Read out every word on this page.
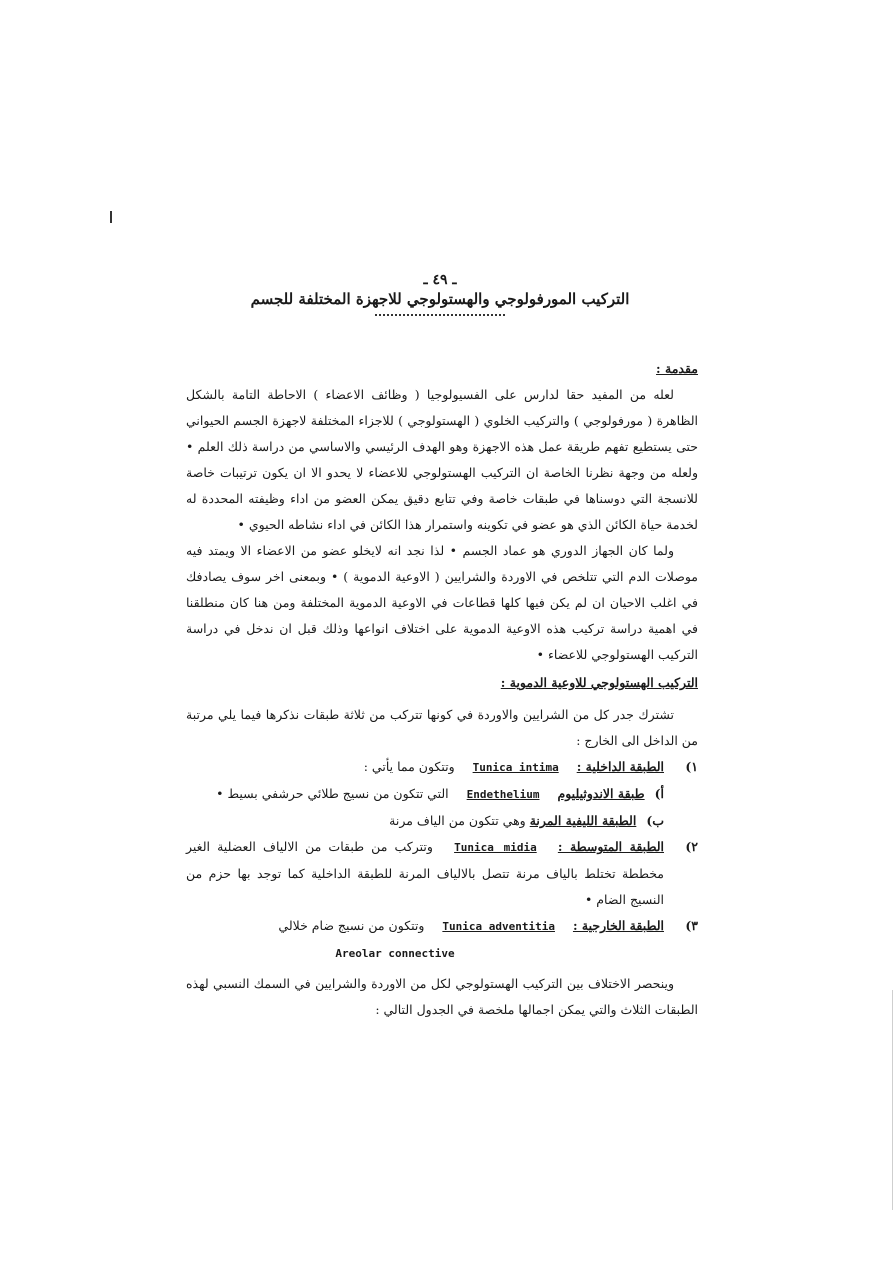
ـ ٤٩ ـ
التركيب المورفولوجي والهستولوجي للاجهزة المختلفة للجسم

مقدمة :

لعله من المفيد حقا لدارس على الفسيولوجيا ( وظائف الاعضاء ) الاحاطة التامة بالشكل الظاهرة ( مورفولوجي ) والتركيب الخلوي ( الهستولوجي ) للاجزاء المختلفة لاجهزة الجسم الحيواني حتى يستطيع تفهم طريقة عمل هذه الاجهزة وهو الهدف الرئيسي والاساسي من دراسة ذلك العلم • ولعله من وجهة نظرنا الخاصة ان التركيب الهستولوجي للاعضاء لا يحدو الا ان يكون ترتيبات خاصة للانسجة التي دوسناها في طبقات خاصة وفي تتابع دقيق يمكن العضو من اداء وظيفته المحددة له لخدمة حياة الكائن الذي هو عضو في تكوينه واستمرار هذا الكائن في اداء نشاطه الحيوي •

ولما كان الجهاز الدوري هو عماد الجسم • لذا نجد انه لايخلو عضو من الاعضاء الا ويمتد فيه موصلات الدم التي تتلخص في الاوردة والشرايين ( الاوعية الدموية ) • وبمعنى اخر سوف يصادفك في اغلب الاحيان ان لم يكن فيها كلها قطاعات في الاوعية الدموية المختلفة ومن هنا كان منطلقنا في اهمية دراسة تركيب هذه الاوعية الدموية على اختلاف انواعها وذلك قبل ان ندخل في دراسة التركيب الهستولوجي للاعضاء •

التركيب الهستولوجي للاوعية الدموية :

تشترك جدر كل من الشرايين والاوردة في كونها تتركب من ثلاثة طبقات نذكرها فيما يلي مرتبة من الداخل الى الخارج :

١)
الطبقة الداخلية : Tunica intima وتتكون مما يأتي :
أ) طبقة الاندوثيليوم Endethelium التي تتكون من نسيج طلائي حرشفي بسيط •
ب) الطبقة الليفية المرنة وهي تتكون من الياف مرنة
٢)
الطبقة المتوسطة : Tunica midia وتتركب من طبقات من الالياف العضلية الغير مخططة تختلط بالياف مرنة تتصل بالالياف المرنة للطبقة الداخلية كما توجد بها حزم من النسيج الضام •
٣)
الطبقة الخارجية : Tunica adventitia وتتكون من نسيج ضام خلالي
Areolar connective

وينحصر الاختلاف بين التركيب الهستولوجي لكل من الاوردة والشرايين في السمك النسبي لهذه الطبقات الثلاث والتي يمكن اجمالها ملخصة في الجدول التالي :
